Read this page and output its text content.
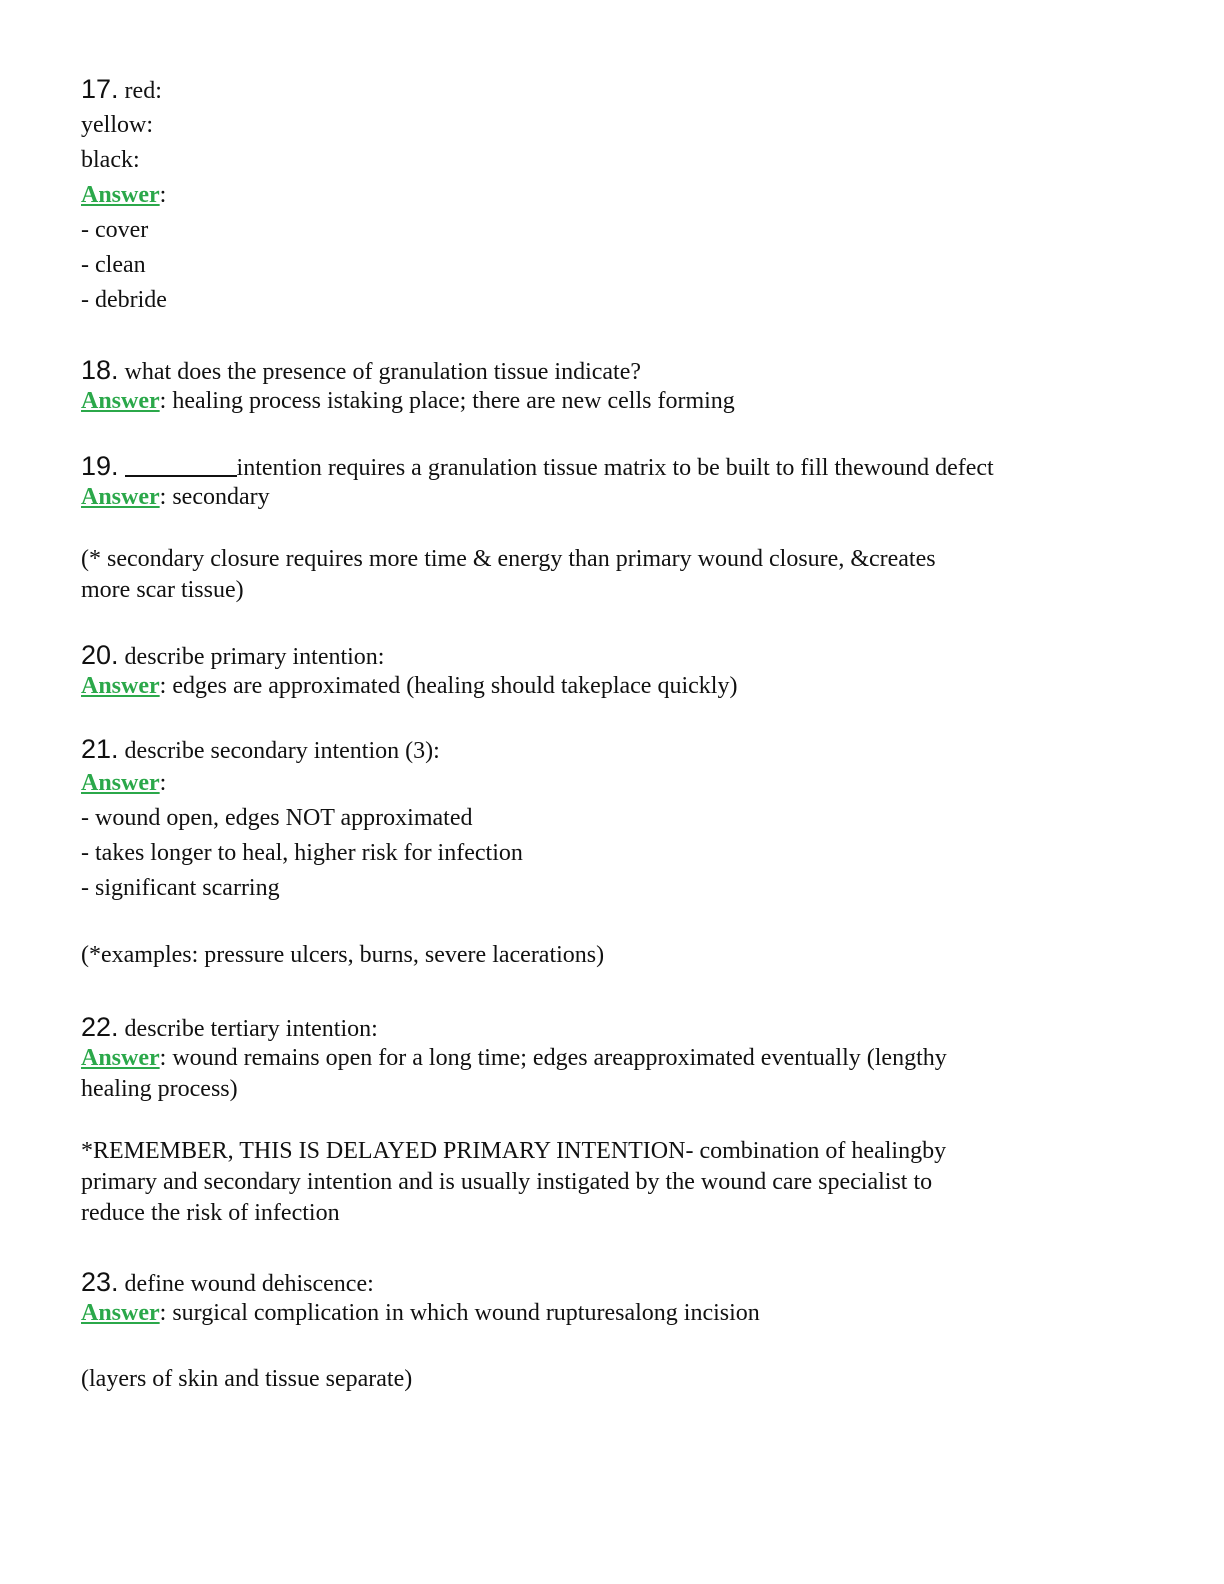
17. red:
yellow:
black:
Answer:
- cover
- clean
- debride
18. what does the presence of granulation tissue indicate?
Answer: healing process istaking place; there are new cells forming
19.	intention requires a granulation tissue matrix to be built to fill thewound defect
Answer: secondary
(* secondary closure requires more time & energy than primary wound closure, &creates
more scar tissue)
20. describe primary intention:
Answer: edges are approximated (healing should takeplace quickly)
21. describe secondary intention (3):
Answer:
- wound open, edges NOT approximated
- takes longer to heal, higher risk for infection
- significant scarring
(*examples: pressure ulcers, burns, severe lacerations)
22. describe tertiary intention:
Answer: wound remains open for a long time; edges areapproximated eventually (lengthy
healing process)
*REMEMBER, THIS IS DELAYED PRIMARY INTENTION- combination of healingby
primary and secondary intention and is usually instigated by the wound care specialist to
reduce the risk of infection
23. define wound dehiscence:
Answer: surgical complication in which wound rupturesalong incision
(layers of skin and tissue separate)
